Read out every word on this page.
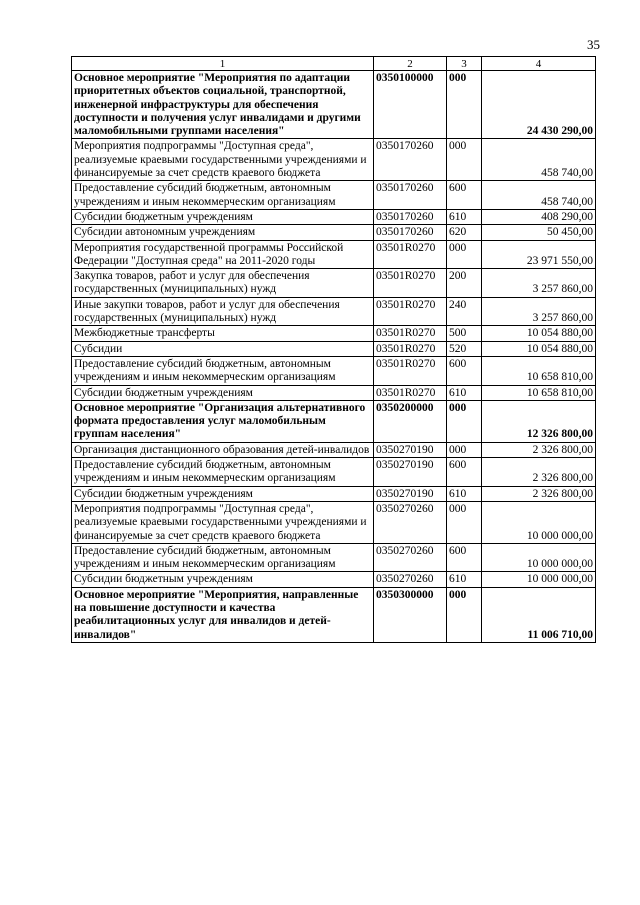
35
1	2	3	4
Основное мероприятие "Мероприятия по адаптации приоритетных объектов социальной, транспортной, инженерной инфраструктуры для обеспечения доступности и получения услуг инвалидами и другими маломобильными группами населения"	0350100000	000	24 430 290,00
Мероприятия подпрограммы "Доступная среда", реализуемые краевыми государственными учреждениями и финансируемые за счет средств краевого бюджета	0350170260	000	458 740,00
Предоставление субсидий бюджетным, автономным учреждениям и иным некоммерческим организациям	0350170260	600	458 740,00
Субсидии бюджетным учреждениям	0350170260	610	408 290,00
Субсидии автономным учреждениям	0350170260	620	50 450,00
Мероприятия государственной программы Российской Федерации "Доступная среда" на 2011-2020 годы	03501R0270	000	23 971 550,00
Закупка товаров, работ и услуг для обеспечения государственных (муниципальных) нужд	03501R0270	200	3 257 860,00
Иные закупки товаров, работ и услуг для обеспечения государственных (муниципальных) нужд	03501R0270	240	3 257 860,00
Межбюджетные трансферты	03501R0270	500	10 054 880,00
Субсидии	03501R0270	520	10 054 880,00
Предоставление субсидий бюджетным, автономным учреждениям и иным некоммерческим организациям	03501R0270	600	10 658 810,00
Субсидии бюджетным учреждениям	03501R0270	610	10 658 810,00
Основное мероприятие "Организация альтернативного формата предоставления услуг маломобильным группам населения"	0350200000	000	12 326 800,00
Организация дистанционного образования детей-инвалидов	0350270190	000	2 326 800,00
Предоставление субсидий бюджетным, автономным учреждениям и иным некоммерческим организациям	0350270190	600	2 326 800,00
Субсидии бюджетным учреждениям	0350270190	610	2 326 800,00
Мероприятия подпрограммы "Доступная среда", реализуемые краевыми государственными учреждениями и финансируемые за счет средств краевого бюджета	0350270260	000	10 000 000,00
Предоставление субсидий бюджетным, автономным учреждениям и иным некоммерческим организациям	0350270260	600	10 000 000,00
Субсидии бюджетным учреждениям	0350270260	610	10 000 000,00
Основное мероприятие "Мероприятия, направленные на повышение доступности и качества реабилитационных услуг для инвалидов и детей-инвалидов"	0350300000	000	11 006 710,00
